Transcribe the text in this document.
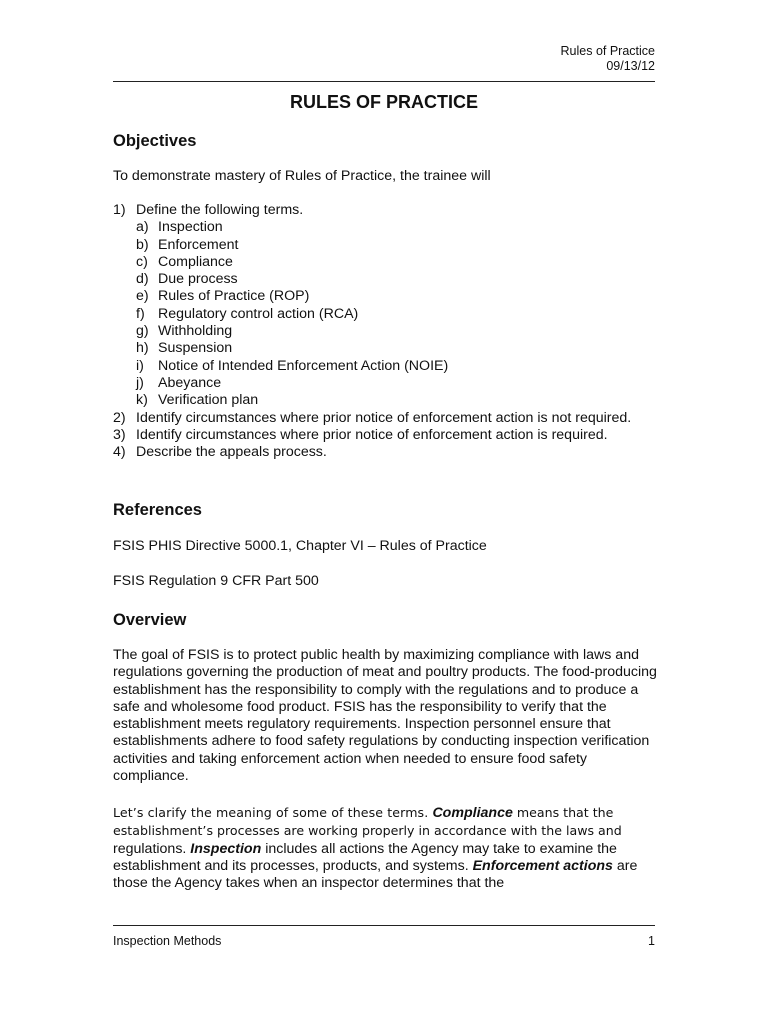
Rules of Practice
09/13/12
RULES OF PRACTICE
Objectives
To demonstrate mastery of Rules of Practice, the trainee will
1) Define the following terms.
a) Inspection
b) Enforcement
c) Compliance
d) Due process
e) Rules of Practice (ROP)
f) Regulatory control action (RCA)
g) Withholding
h) Suspension
i) Notice of Intended Enforcement Action (NOIE)
j) Abeyance
k) Verification plan
2) Identify circumstances where prior notice of enforcement action is not required.
3) Identify circumstances where prior notice of enforcement action is required.
4) Describe the appeals process.
References
FSIS PHIS Directive 5000.1, Chapter VI – Rules of Practice
FSIS Regulation 9 CFR Part 500
Overview
The goal of FSIS is to protect public health by maximizing compliance with laws and regulations governing the production of meat and poultry products. The food-producing establishment has the responsibility to comply with the regulations and to produce a safe and wholesome food product. FSIS has the responsibility to verify that the establishment meets regulatory requirements. Inspection personnel ensure that establishments adhere to food safety regulations by conducting inspection verification activities and taking enforcement action when needed to ensure food safety compliance.
Let’s clarify the meaning of some of these terms. Compliance means that the establishment’s processes are working properly in accordance with the laws and
regulations. Inspection includes all actions the Agency may take to examine the establishment and its processes, products, and systems. Enforcement actions are those the Agency takes when an inspector determines that the
Inspection Methods	1
